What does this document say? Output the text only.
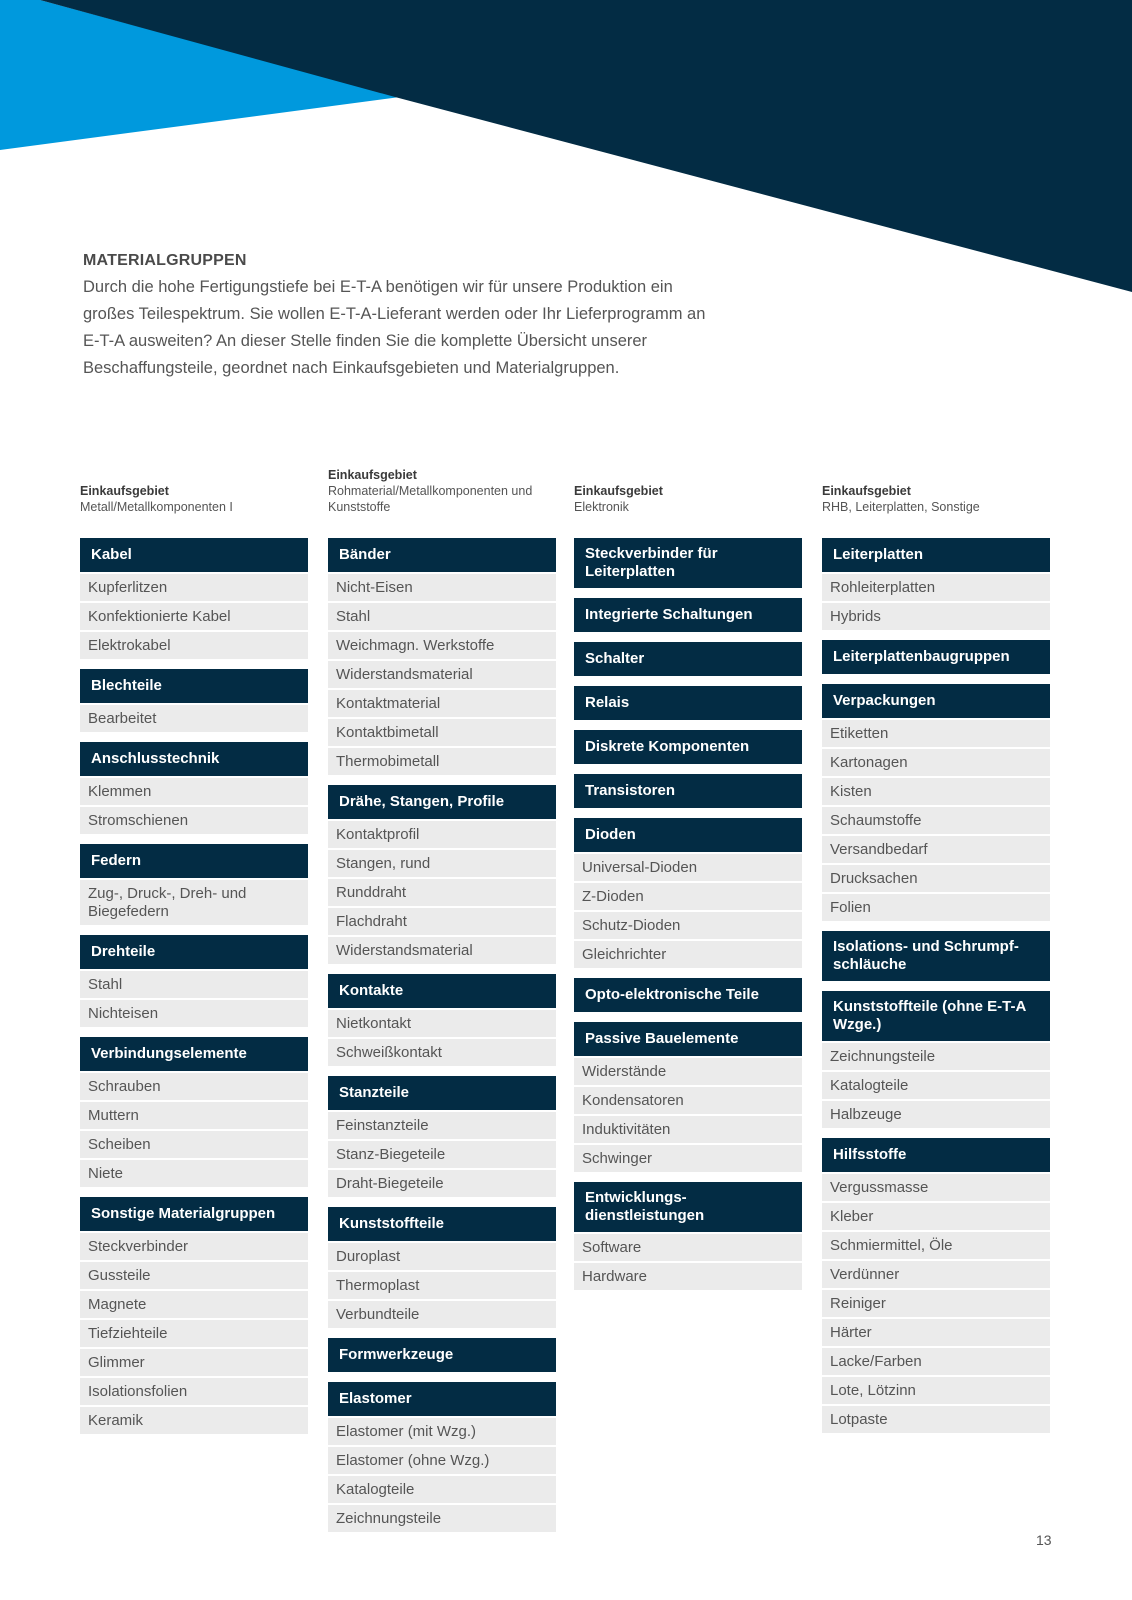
MATERIALGRUPPEN

Durch die hohe Fertigungstiefe bei E-T-A benötigen wir für unsere Produktion ein großes Teilespektrum. Sie wollen E-T-A-Lieferant werden oder Ihr Lieferprogramm an E-T-A ausweiten? An dieser Stelle finden Sie die komplette Übersicht unserer Beschaffungsteile, geordnet nach Einkaufsgebieten und Materialgruppen.

Einkaufsgebiet
Metall/Metallkomponenten I
Einkaufsgebiet
Rohmaterial/Metallkomponenten und Kunststoffe
Einkaufsgebiet
Elektronik
Einkaufsgebiet
RHB, Leiterplatten, Sonstige
Kabel
Kupferlitzen
Konfektionierte Kabel
Elektrokabel
Blechteile
Bearbeitet
Anschlusstechnik
Klemmen
Stromschienen
Federn
Zug-, Druck-, Dreh- und Biegefedern
Drehteile
Stahl
Nichteisen
Verbindungselemente
Schrauben
Muttern
Scheiben
Niete
Sonstige Materialgruppen
Steckverbinder
Gussteile
Magnete
Tiefziehteile
Glimmer
Isolationsfolien
Keramik
Bänder
Nicht-Eisen
Stahl
Weichmagn. Werkstoffe
Widerstandsmaterial
Kontaktmaterial
Kontaktbimetall
Thermobimetall
Drähe, Stangen, Profile
Kontaktprofil
Stangen, rund
Runddraht
Flachdraht
Widerstandsmaterial
Kontakte
Nietkontakt
Schweißkontakt
Stanzteile
Feinstanzteile
Stanz-Biegeteile
Draht-Biegeteile
Kunststoffteile
Duroplast
Thermoplast
Verbundteile
Formwerkzeuge
Elastomer
Elastomer (mit Wzg.)
Elastomer (ohne Wzg.)
Katalogteile
Zeichnungsteile
Steckverbinder für Leiterplatten
Integrierte Schaltungen
Schalter
Relais
Diskrete Komponenten
Transistoren
Dioden
Universal-Dioden
Z-Dioden
Schutz-Dioden
Gleichrichter
Opto-elektronische Teile
Passive Bauelemente
Widerstände
Kondensatoren
Induktivitäten
Schwinger
Entwicklungs-dienstleistungen
Software
Hardware
Leiterplatten
Rohleiterplatten
Hybrids
Leiterplattenbaugruppen
Verpackungen
Etiketten
Kartonagen
Kisten
Schaumstoffe
Versandbedarf
Drucksachen
Folien
Isolations- und Schrumpf-schläuche
Kunststoffteile (ohne E-T-A Wzge.)
Zeichnungsteile
Katalogteile
Halbzeuge
Hilfsstoffe
Vergussmasse
Kleber
Schmiermittel, Öle
Verdünner
Reiniger
Härter
Lacke/Farben
Lote, Lötzinn
Lotpaste
13
